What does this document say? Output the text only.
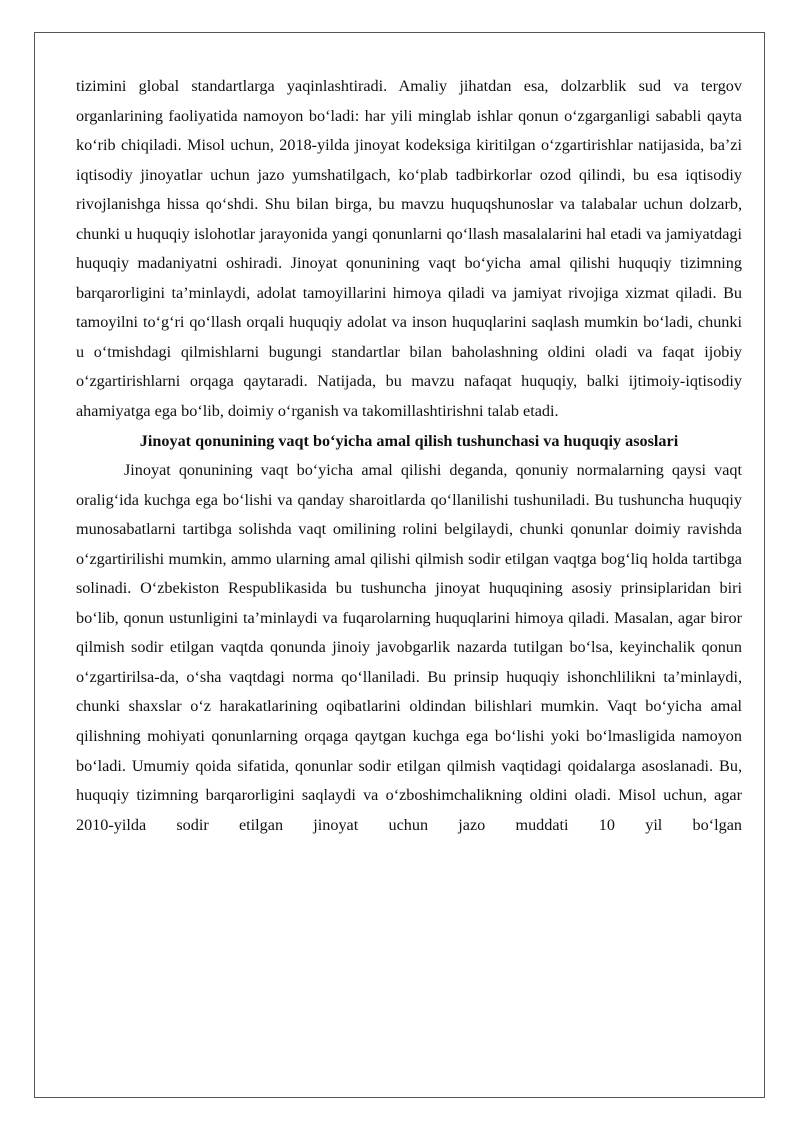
tizimini global standartlarga yaqinlashtiradi. Amaliy jihatdan esa, dolzarblik sud va tergov organlarining faoliyatida namoyon bo‘ladi: har yili minglab ishlar qonun o‘zgarganligi sababli qayta ko‘rib chiqiladi. Misol uchun, 2018-yilda jinoyat kodeksiga kiritilgan o‘zgartirishlar natijasida, ba’zi iqtisodiy jinoyatlar uchun jazo yumshatilgach, ko‘plab tadbirkorlar ozod qilindi, bu esa iqtisodiy rivojlanishga hissa qo‘shdi. Shu bilan birga, bu mavzu huquqshunoslar va talabalar uchun dolzarb, chunki u huquqiy islohotlar jarayonida yangi qonunlarni qo‘llash masalalarini hal etadi va jamiyatdagi huquqiy madaniyatni oshiradi. Jinoyat qonunining vaqt bo‘yicha amal qilishi huquqiy tizimning barqarorligini ta’minlaydi, adolat tamoyillarini himoya qiladi va jamiyat rivojiga xizmat qiladi. Bu tamoyilni to‘g‘ri qo‘llash orqali huquqiy adolat va inson huquqlarini saqlash mumkin bo‘ladi, chunki u o‘tmishdagi qilmishlarni bugungi standartlar bilan baholashning oldini oladi va faqat ijobiy o‘zgartirishlarni orqaga qaytaradi. Natijada, bu mavzu nafaqat huquqiy, balki ijtimoiy-iqtisodiy ahamiyatga ega bo‘lib, doimiy o‘rganish va takomillashtirishni talab etadi.

Jinoyat qonunining vaqt bo‘yicha amal qilish tushunchasi va huquqiy asoslari

Jinoyat qonunining vaqt bo‘yicha amal qilishi deganda, qonuniy normalarning qaysi vaqt oralig‘ida kuchga ega bo‘lishi va qanday sharoitlarda qo‘llanilishi tushuniladi. Bu tushuncha huquqiy munosabatlarni tartibga solishda vaqt omilining rolini belgilaydi, chunki qonunlar doimiy ravishda o‘zgartirilishi mumkin, ammo ularning amal qilishi qilmish sodir etilgan vaqtga bog‘liq holda tartibga solinadi. O‘zbekiston Respublikasida bu tushuncha jinoyat huquqining asosiy prinsiplaridan biri bo‘lib, qonun ustunligini ta’minlaydi va fuqarolarning huquqlarini himoya qiladi. Masalan, agar biror qilmish sodir etilgan vaqtda qonunda jinoiy javobgarlik nazarda tutilgan bo‘lsa, keyinchalik qonun o‘zgartirilsa-da, o‘sha vaqtdagi norma qo‘llaniladi. Bu prinsip huquqiy ishonchlilikni ta’minlaydi, chunki shaxslar o‘z harakatlarining oqibatlarini oldindan bilishlari mumkin. Vaqt bo‘yicha amal qilishning mohiyati qonunlarning orqaga qaytgan kuchga ega bo‘lishi yoki bo‘lmasligida namoyon bo‘ladi. Umumiy qoida sifatida, qonunlar sodir etilgan qilmish vaqtidagi qoidalarga asoslanadi. Bu, huquqiy tizimning barqarorligini saqlaydi va o‘zboshimchalikning oldini oladi. Misol uchun, agar 2010-yilda sodir etilgan jinoyat uchun jazo muddati 10 yil bo‘lgan
